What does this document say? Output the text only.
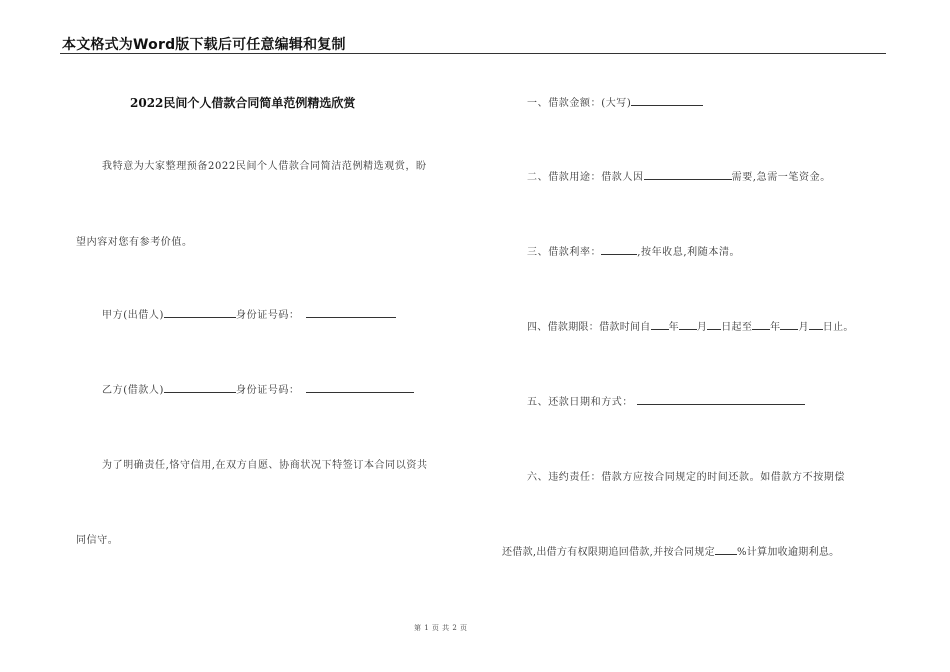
本文格式为Word版下载后可任意编辑和复制
2022民间个人借款合同简单范例精选欣赏
我特意为大家整理预备2022民间个人借款合同简洁范例精选观赏，盼
望内容对您有参考价值。
甲方(出借人)	身份证号码：
乙方(借款人)	身份证号码：
为了明确责任,恪守信用,在双方自愿、协商状况下特签订本合同以资共
同信守。
一、借款金额：(大写)
二、借款用途：借款人因	需要,急需一笔资金。
三、借款利率：	,按年收息,利随本清。
四、借款期限：借款时间自 年 月 日起至 年 月 日止。
五、还款日期和方式：
六、违约责任：借款方应按合同规定的时间还款。如借款方不按期偿
还借款,出借方有权限期追回借款,并按合同规定 %计算加收逾期利息。
第 1 页 共 2 页
